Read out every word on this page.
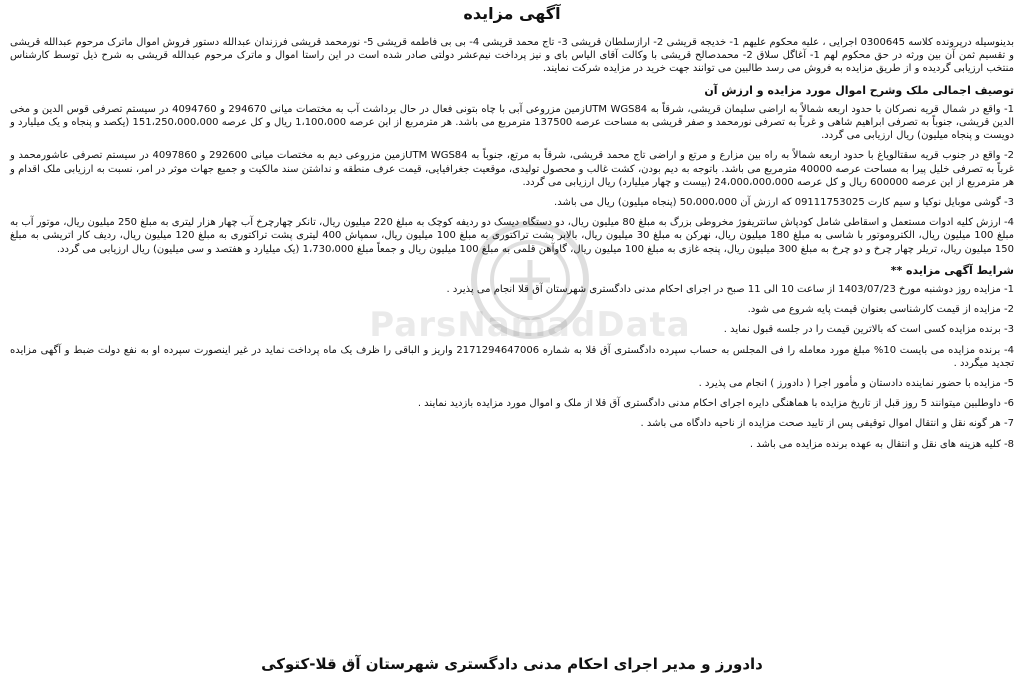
ParsNamadData
آگهی مزایده

بدینوسیله درپرونده کلاسه 0300645 اجرایی ، علیه محکوم علیهم 1- خدیجه قریشی 2- ارازسلطان قریشی 3- تاج محمد قریشی 4- بی بی فاطمه قریشی 5- نورمحمد قریشی فرزندان عبدالله دستور فروش اموال ماترک مرحوم عبدالله قریشی و تقسیم ثمن آن بین ورثه در حق محکوم لهم 1- آغاگل سلاق 2- محمدصالح قریشی با وکالت آقای الیاس بای و نیز پرداخت نیم‌عشر دولتی صادر شده است در این راستا اموال و ماترک مرحوم عبدالله قریشی به شرح ذیل توسط کارشناس منتخب ارزیابی گردیده و از طریق مزایده به فروش می رسد طالبین می توانند جهت خرید در مزایده شرکت نمایند.

توصیف اجمالی ملک وشرح اموال مورد مزایده و ارزش آن

1- واقع در شمال قریه نصرکان با حدود اربعه شمالاً به اراضی سلیمان قریشی، شرقاً به UTM WGS84زمین مزروعی آبی با چاه بتونی فعال در حال برداشت آب به مختصات میانی 294670 و 4094760 در سیستم تصرفی قوس الدین و مخی الدین قریشی، جنوباً به تصرفی ابراهیم شاهی و غرباً به تصرفی نورمحمد و صفر قریشی به مساحت عرصه 137500 مترمربع می باشد. هر مترمربع از این عرصه 1،100،000 ریال و کل عرصه 151،250،000،000 (یکصد و پنجاه و یک میلیارد و دویست و پنجاه میلیون) ریال ارزیابی می گردد.

2- واقع در جنوب قریه سقتالویاغ با حدود اربعه شمالاً به راه بین مزارع و مرتع و اراضی تاج محمد قریشی، شرقاً به مرتع، جنوباً به UTM WGS84زمین مزروعی دیم به مختصات میانی 292600 و 4097860 در سیستم تصرفی عاشورمحمد و غرباً به تصرفی خلیل پیرا به مساحت عرصه 40000 مترمربع می باشد. باتوجه به دیم بودن، کشت غالب و محصول تولیدی، موقعیت جغرافیایی، قیمت عرف منطقه و نداشتن سند مالکیت و جمیع جهات موثر در امر، نسبت به ارزیابی ملک اقدام و هر مترمربع از این عرصه 600000 ریال و کل عرصه 24،000،000،000 (بیست و چهار میلیارد) ریال ارزیابی می گردد.

3- گوشی موبایل نوکیا و سیم کارت 09111753025 که ارزش آن 50،000،000 (پنجاه میلیون) ریال می باشد.

4- ارزش کلیه ادوات مستعمل و اسقاطی شامل کودپاش سانتریفوژ مخروطی بزرگ به مبلغ 80 میلیون ریال، دو دستگاه دیسک دو ردیفه کوچک به مبلغ 220 میلیون ریال، تانکر چهارچرخ آب چهار هزار لیتری به مبلغ 250 میلیون ریال، موتور آب به مبلغ 100 میلیون ریال، الکتروموتور با شاسی به مبلغ 180 میلیون ریال، نهرکن به مبلغ 30 میلیون ریال، بالابر پشت تراکتوری به مبلغ 100 میلیون ریال، سمپاش 400 لیتری پشت تراکتوری به مبلغ 120 میلیون ریال، ردیف کار اتریشی به مبلغ 150 میلیون ریال، تریلر چهار چرخ و دو چرخ به مبلغ 300 میلیون ریال، پنجه غازی به مبلغ 100 میلیون ریال، گاوآهن قلمی به مبلغ 100 میلیون ریال و جمعاً مبلغ 1،730،000 (یک میلیارد و هفتصد و سی میلیون) ریال ارزیابی می گردد.

شرایط آگهی مزایده **

1- مزایده روز دوشنبه مورخ 1403/07/23 از ساعت 10 الی 11 صبح در اجرای احکام مدنی دادگستری شهرستان آق قلا انجام می پذیرد .

2- مزایده از قیمت کارشناسی بعنوان قیمت پایه شروع می شود.

3- برنده مزایده کسی است که بالاترین قیمت را در جلسه قبول نماید .

4- برنده مزایده می بایست 10% مبلغ مورد معامله را فی المجلس به حساب سپرده دادگستری آق قلا به شماره 2171294647006 واریز و الباقی را ظرف یک ماه پرداخت نماید در غیر اینصورت سپرده او به نفع دولت ضبط و آگهی مزایده تجدید میگردد .

5- مزایده با حضور نماینده دادستان و مأمور اجرا ( دادورز ) انجام می پذیرد .

6- داوطلبین میتوانند 5 روز قبل از تاریخ مزایده با هماهنگی دایره اجرای احکام مدنی دادگستری آق قلا از ملک و اموال مورد مزایده بازدید نمایند .

7- هر گونه نقل و انتقال اموال توقیفی پس از تایید صحت مزایده از ناحیه دادگاه می باشد .

8- کلیه هزینه های نقل و انتقال به عهده برنده مزایده می باشد .

دادورز و مدیر اجرای احکام مدنی دادگستری شهرستان آق قلا-کتوکی
